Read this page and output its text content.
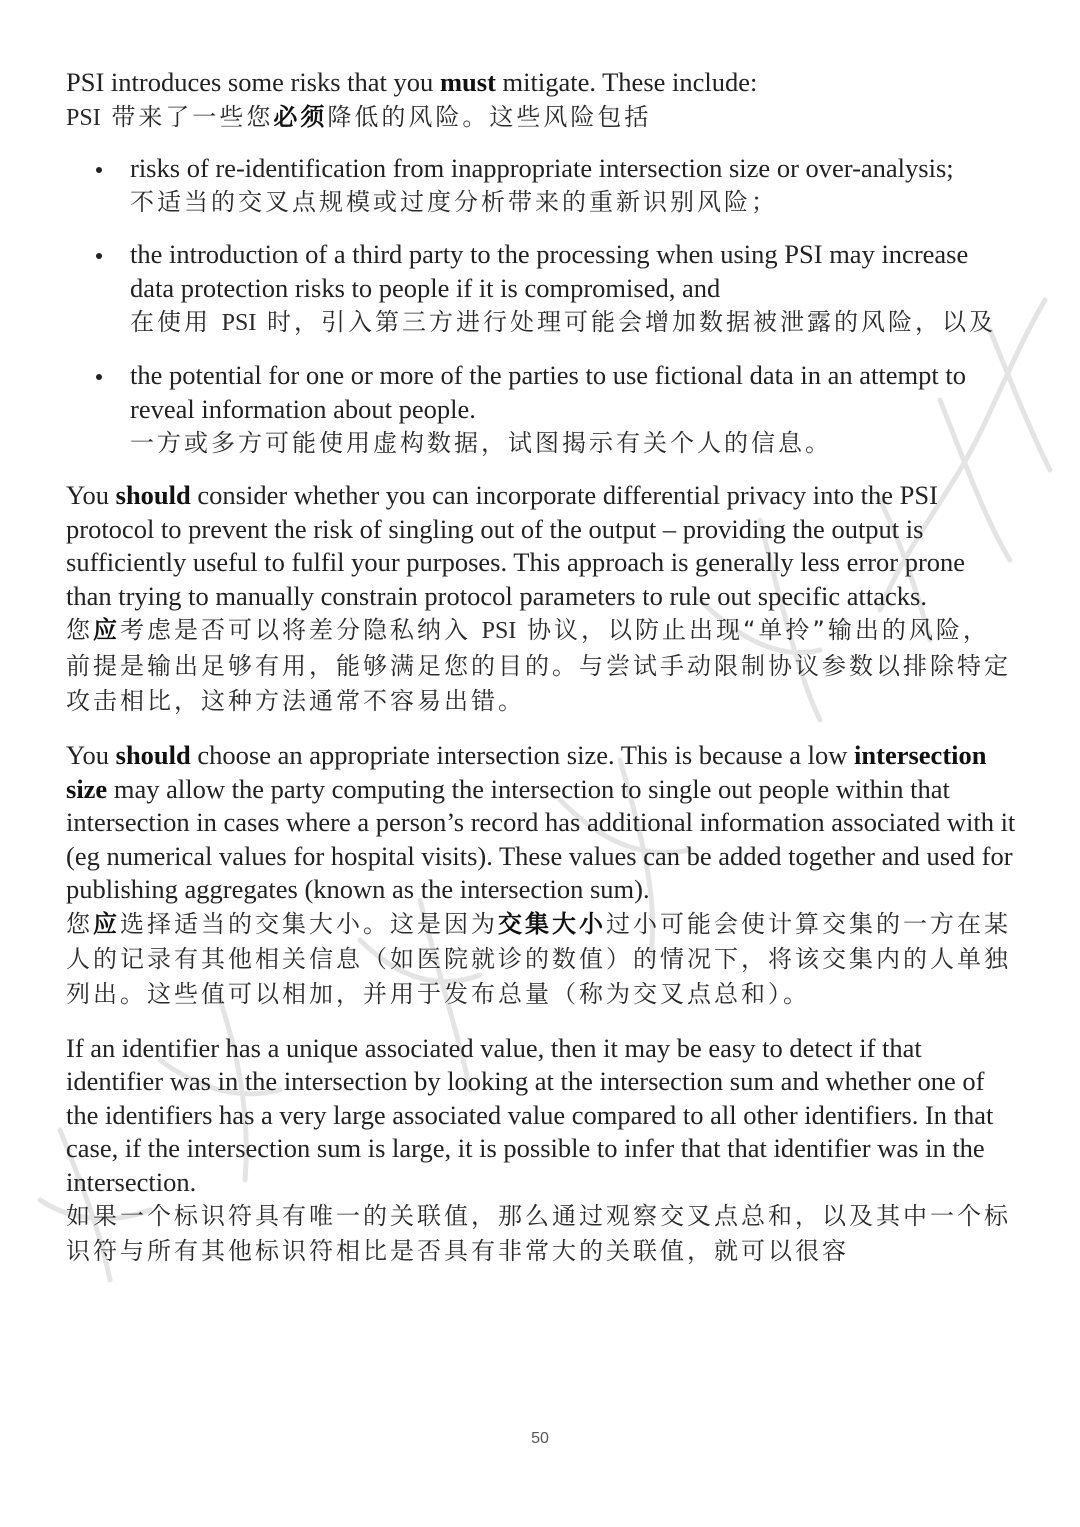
PSI introduces some risks that you must mitigate. These include:

PSI 带来了一些您必须降低的风险。这些风险包括

risks of re-identification from inappropriate intersection size or over-analysis;

不适当的交叉点规模或过度分析带来的重新识别风险；

the introduction of a third party to the processing when using PSI may increase data protection risks to people if it is compromised, and

在使用 PSI 时，引入第三方进行处理可能会增加数据被泄露的风险，以及

the potential for one or more of the parties to use fictional data in an attempt to reveal information about people.

一方或多方可能使用虚构数据，试图揭示有关个人的信息。

You should consider whether you can incorporate differential privacy into the PSI protocol to prevent the risk of singling out of the output – providing the output is sufficiently useful to fulfil your purposes. This approach is generally less error prone than trying to manually constrain protocol parameters to rule out specific attacks.

您应考虑是否可以将差分隐私纳入 PSI 协议，以防止出现“单拎”输出的风险，前提是输出足够有用，能够满足您的目的。与尝试手动限制协议参数以排除特定攻击相比，这种方法通常不容易出错。

You should choose an appropriate intersection size. This is because a low intersection size may allow the party computing the intersection to single out people within that intersection in cases where a person’s record has additional information associated with it (eg numerical values for hospital visits). These values can be added together and used for publishing aggregates (known as the intersection sum).

您应选择适当的交集大小。这是因为交集大小过小可能会使计算交集的一方在某人的记录有其他相关信息（如医院就诊的数值）的情况下，将该交集内的人单独列出。这些值可以相加，并用于发布总量（称为交叉点总和）。

If an identifier has a unique associated value, then it may be easy to detect if that identifier was in the intersection by looking at the intersection sum and whether one of the identifiers has a very large associated value compared to all other identifiers. In that case, if the intersection sum is large, it is possible to infer that that identifier was in the intersection.

如果一个标识符具有唯一的关联值，那么通过观察交叉点总和，以及其中一个标识符与所有其他标识符相比是否具有非常大的关联值，就可以很容

50
